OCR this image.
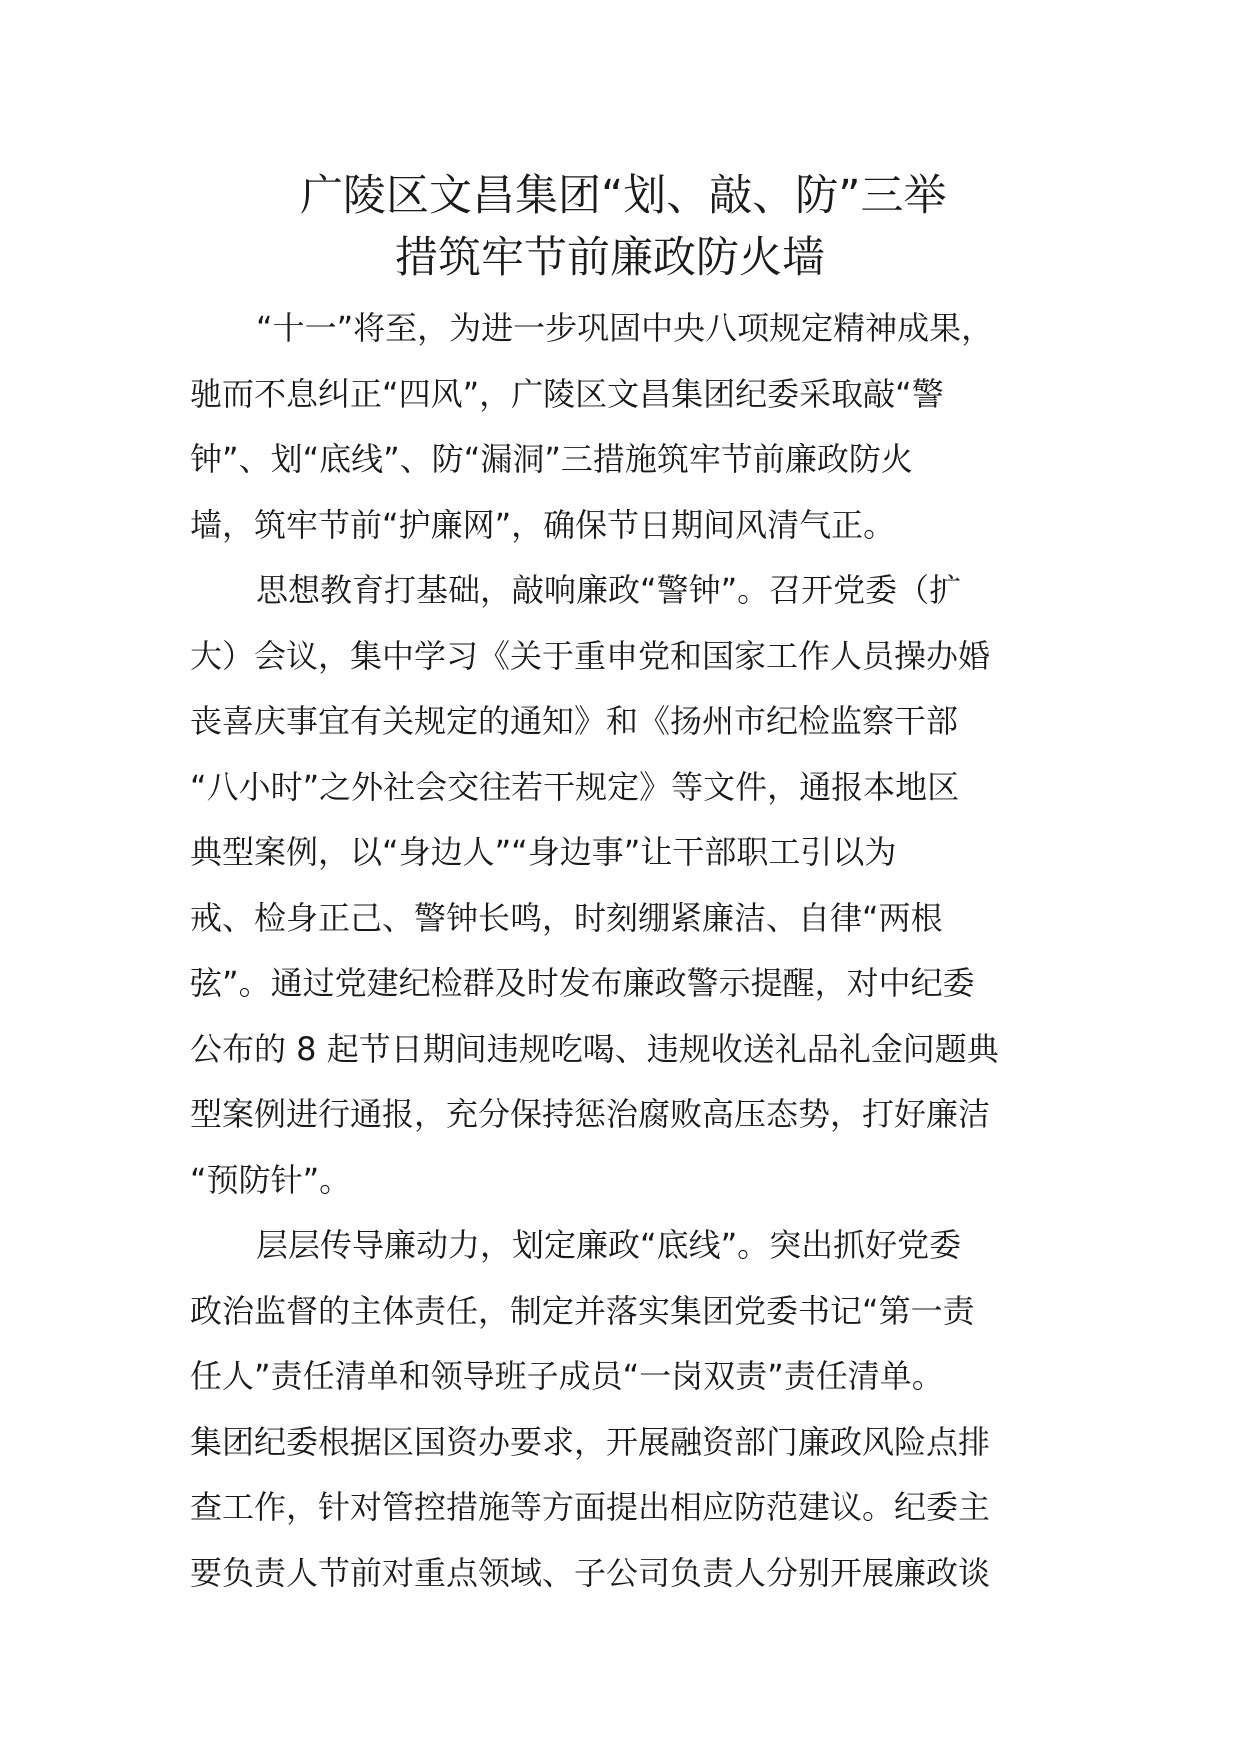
广陵区文昌集团“划、敲、防”三举
措筑牢节前廉政防火墙
“十一”将至，为进一步巩固中央八项规定精神成果，
驰而不息纠正“四风”，广陵区文昌集团纪委采取敲“警
钟”、划“底线”、防“漏洞”三措施筑牢节前廉政防火
墙，筑牢节前“护廉网”，确保节日期间风清气正。
思想教育打基础，敲响廉政“警钟”。召开党委（扩
大）会议，集中学习《关于重申党和国家工作人员操办婚
丧喜庆事宜有关规定的通知》和《扬州市纪检监察干部
“八小时”之外社会交往若干规定》等文件，通报本地区
典型案例，以“身边人”“身边事”让干部职工引以为
戒、检身正己、警钟长鸣，时刻绷紧廉洁、自律“两根
弦”。通过党建纪检群及时发布廉政警示提醒，对中纪委
公布的 8 起节日期间违规吃喝、违规收送礼品礼金问题典
型案例进行通报，充分保持惩治腐败高压态势，打好廉洁
“预防针”。
层层传导廉动力，划定廉政“底线”。突出抓好党委
政治监督的主体责任，制定并落实集团党委书记“第一责
任人”责任清单和领导班子成员“一岗双责”责任清单。
集团纪委根据区国资办要求，开展融资部门廉政风险点排
查工作，针对管控措施等方面提出相应防范建议。纪委主
要负责人节前对重点领域、子公司负责人分别开展廉政谈
